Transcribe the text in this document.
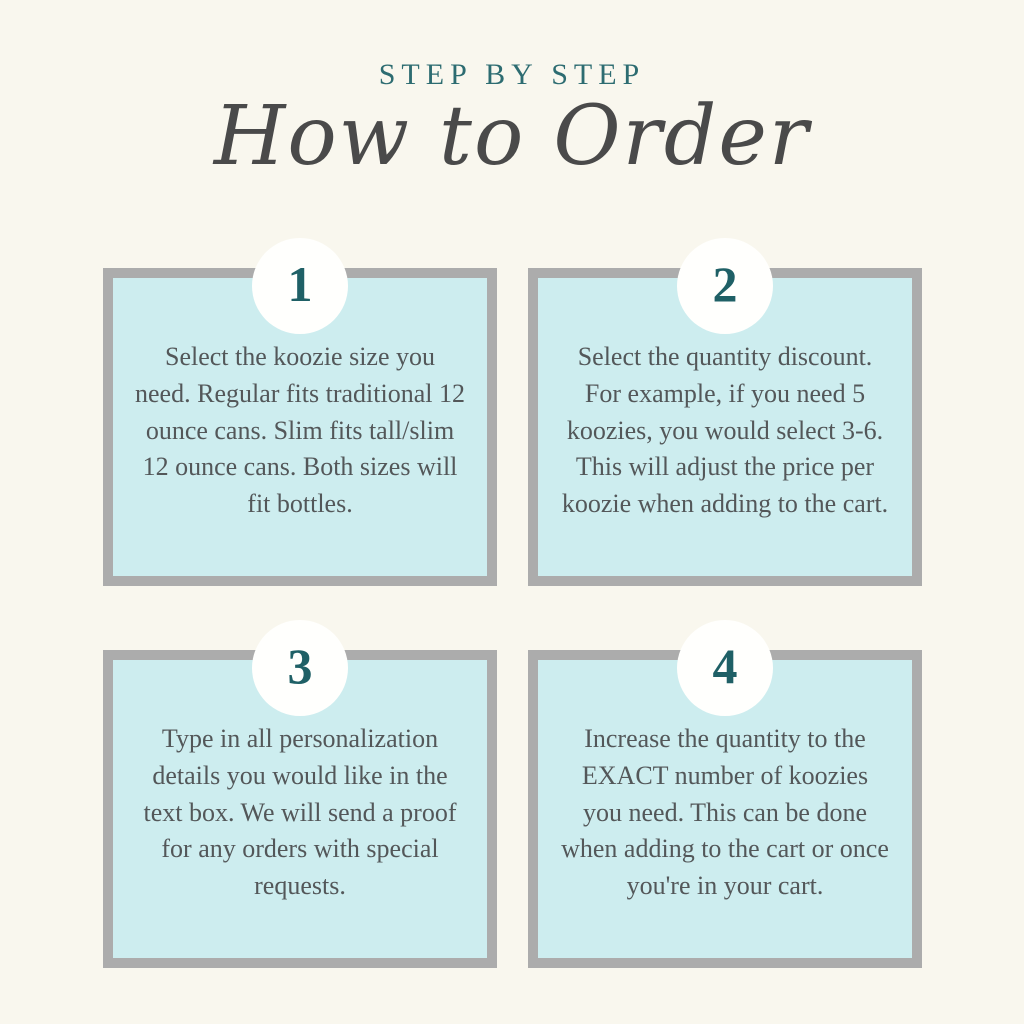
STEP BY STEP
How to Order

Select the koozie size you need. Regular fits traditional 12 ounce cans. Slim fits tall/slim 12 ounce cans. Both sizes will fit bottles.

1

Select the quantity discount. For example, if you need 5 koozies, you would select 3-6. This will adjust the price per koozie when adding to the cart.

2

Type in all personalization details you would like in the text box. We will send a proof for any orders with special requests.

3

Increase the quantity to the EXACT number of koozies you need. This can be done when adding to the cart or once you're in your cart.

4
